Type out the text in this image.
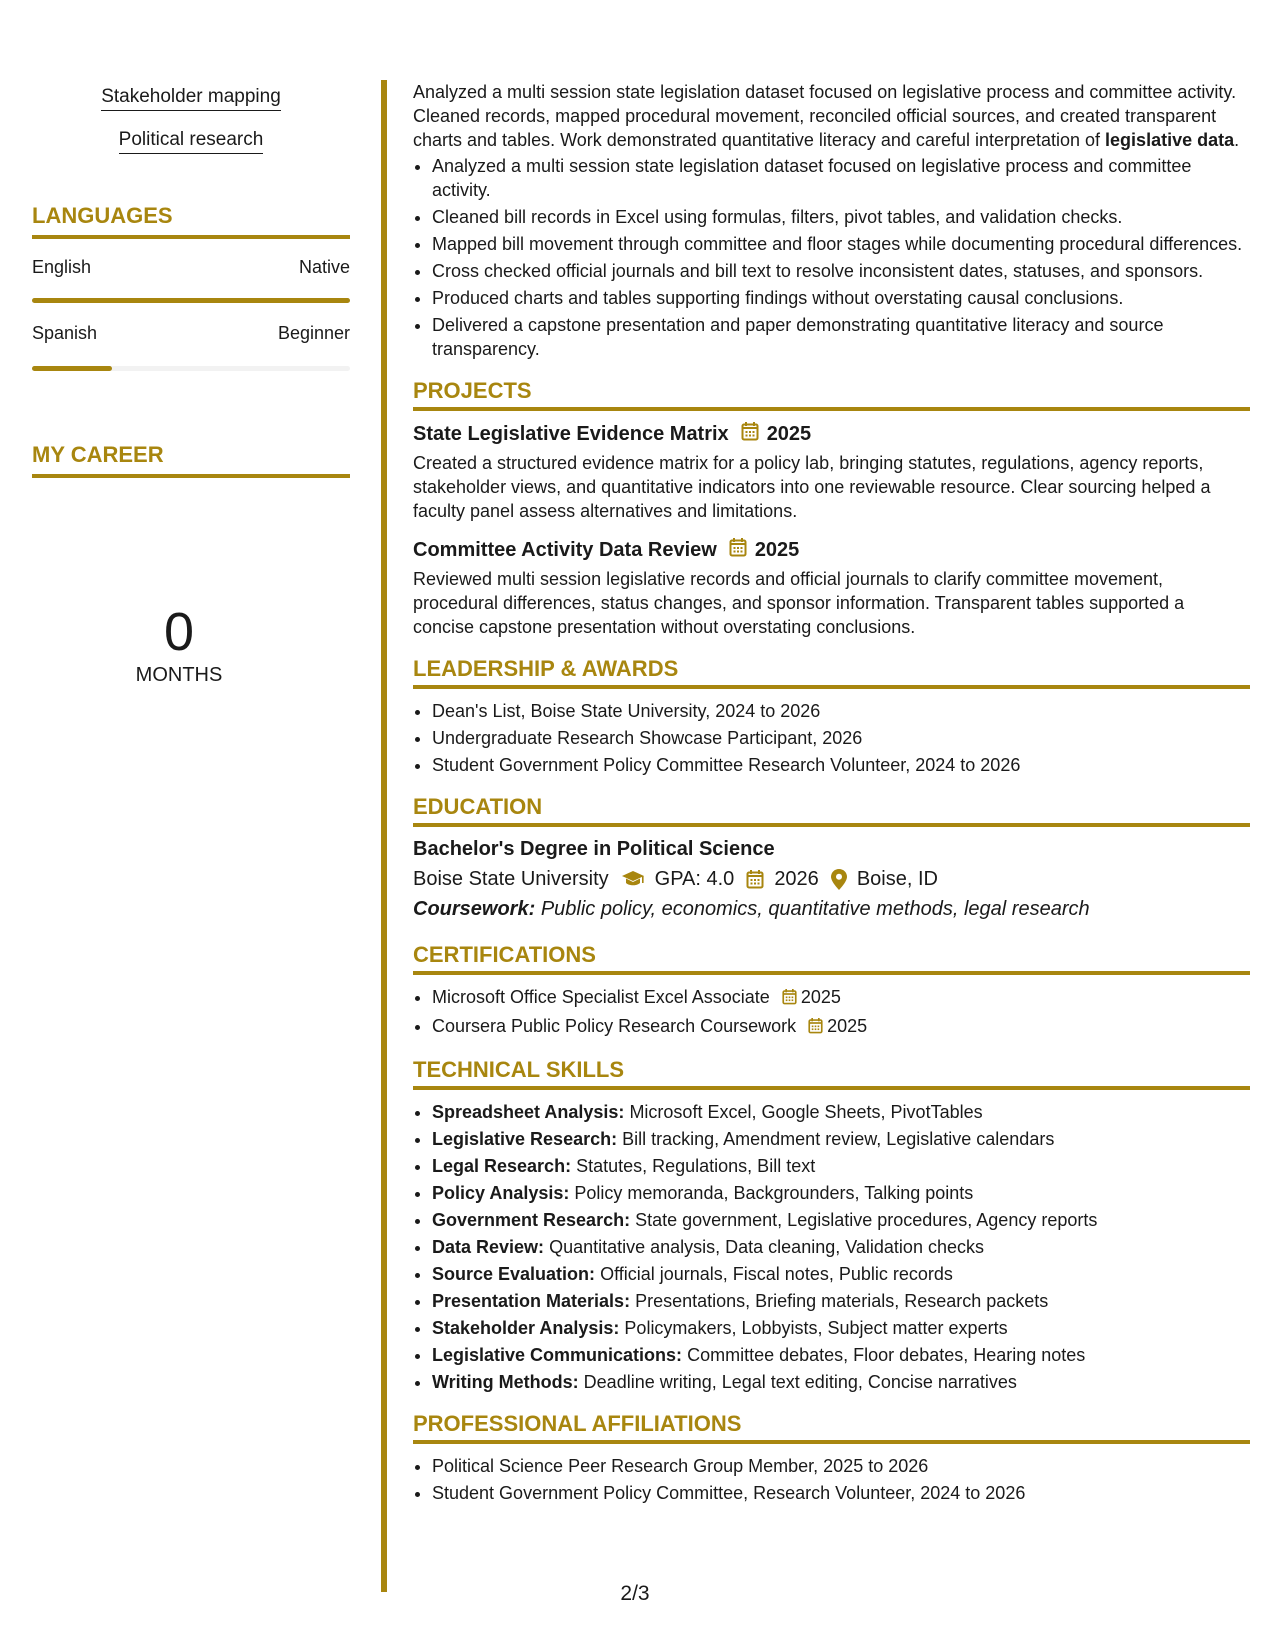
Stakeholder mapping
Political research
LANGUAGES
English	Native
Spanish	Beginner
MY CAREER
0
MONTHS

Analyzed a multi session state legislation dataset focused on legislative process and committee activity. Cleaned records, mapped procedural movement, reconciled official sources, and created transparent charts and tables. Work demonstrated quantitative literacy and careful interpretation of legislative data.

• Analyzed a multi session state legislation dataset focused on legislative process and committee activity.
• Cleaned bill records in Excel using formulas, filters, pivot tables, and validation checks.
• Mapped bill movement through committee and floor stages while documenting procedural differences.
• Cross checked official journals and bill text to resolve inconsistent dates, statuses, and sponsors.
• Produced charts and tables supporting findings without overstating causal conclusions.
• Delivered a capstone presentation and paper demonstrating quantitative literacy and source transparency.
PROJECTS
State Legislative Evidence Matrix 2025

Created a structured evidence matrix for a policy lab, bringing statutes, regulations, agency reports, stakeholder views, and quantitative indicators into one reviewable resource. Clear sourcing helped a faculty panel assess alternatives and limitations.

Committee Activity Data Review 2025

Reviewed multi session legislative records and official journals to clarify committee movement, procedural differences, status changes, and sponsor information. Transparent tables supported a concise capstone presentation without overstating conclusions.

LEADERSHIP & AWARDS
• Dean's List, Boise State University, 2024 to 2026
• Undergraduate Research Showcase Participant, 2026
• Student Government Policy Committee Research Volunteer, 2024 to 2026
EDUCATION
Bachelor's Degree in Political Science
Boise State University GPA: 4.0 2026 Boise, ID
Coursework: Public policy, economics, quantitative methods, legal research
CERTIFICATIONS
• Microsoft Office Specialist Excel Associate 2025
• Coursera Public Policy Research Coursework 2025
TECHNICAL SKILLS
• Spreadsheet Analysis: Microsoft Excel, Google Sheets, PivotTables
• Legislative Research: Bill tracking, Amendment review, Legislative calendars
• Legal Research: Statutes, Regulations, Bill text
• Policy Analysis: Policy memoranda, Backgrounders, Talking points
• Government Research: State government, Legislative procedures, Agency reports
• Data Review: Quantitative analysis, Data cleaning, Validation checks
• Source Evaluation: Official journals, Fiscal notes, Public records
• Presentation Materials: Presentations, Briefing materials, Research packets
• Stakeholder Analysis: Policymakers, Lobbyists, Subject matter experts
• Legislative Communications: Committee debates, Floor debates, Hearing notes
• Writing Methods: Deadline writing, Legal text editing, Concise narratives
PROFESSIONAL AFFILIATIONS
• Political Science Peer Research Group Member, 2025 to 2026
• Student Government Policy Committee, Research Volunteer, 2024 to 2026
2/3
